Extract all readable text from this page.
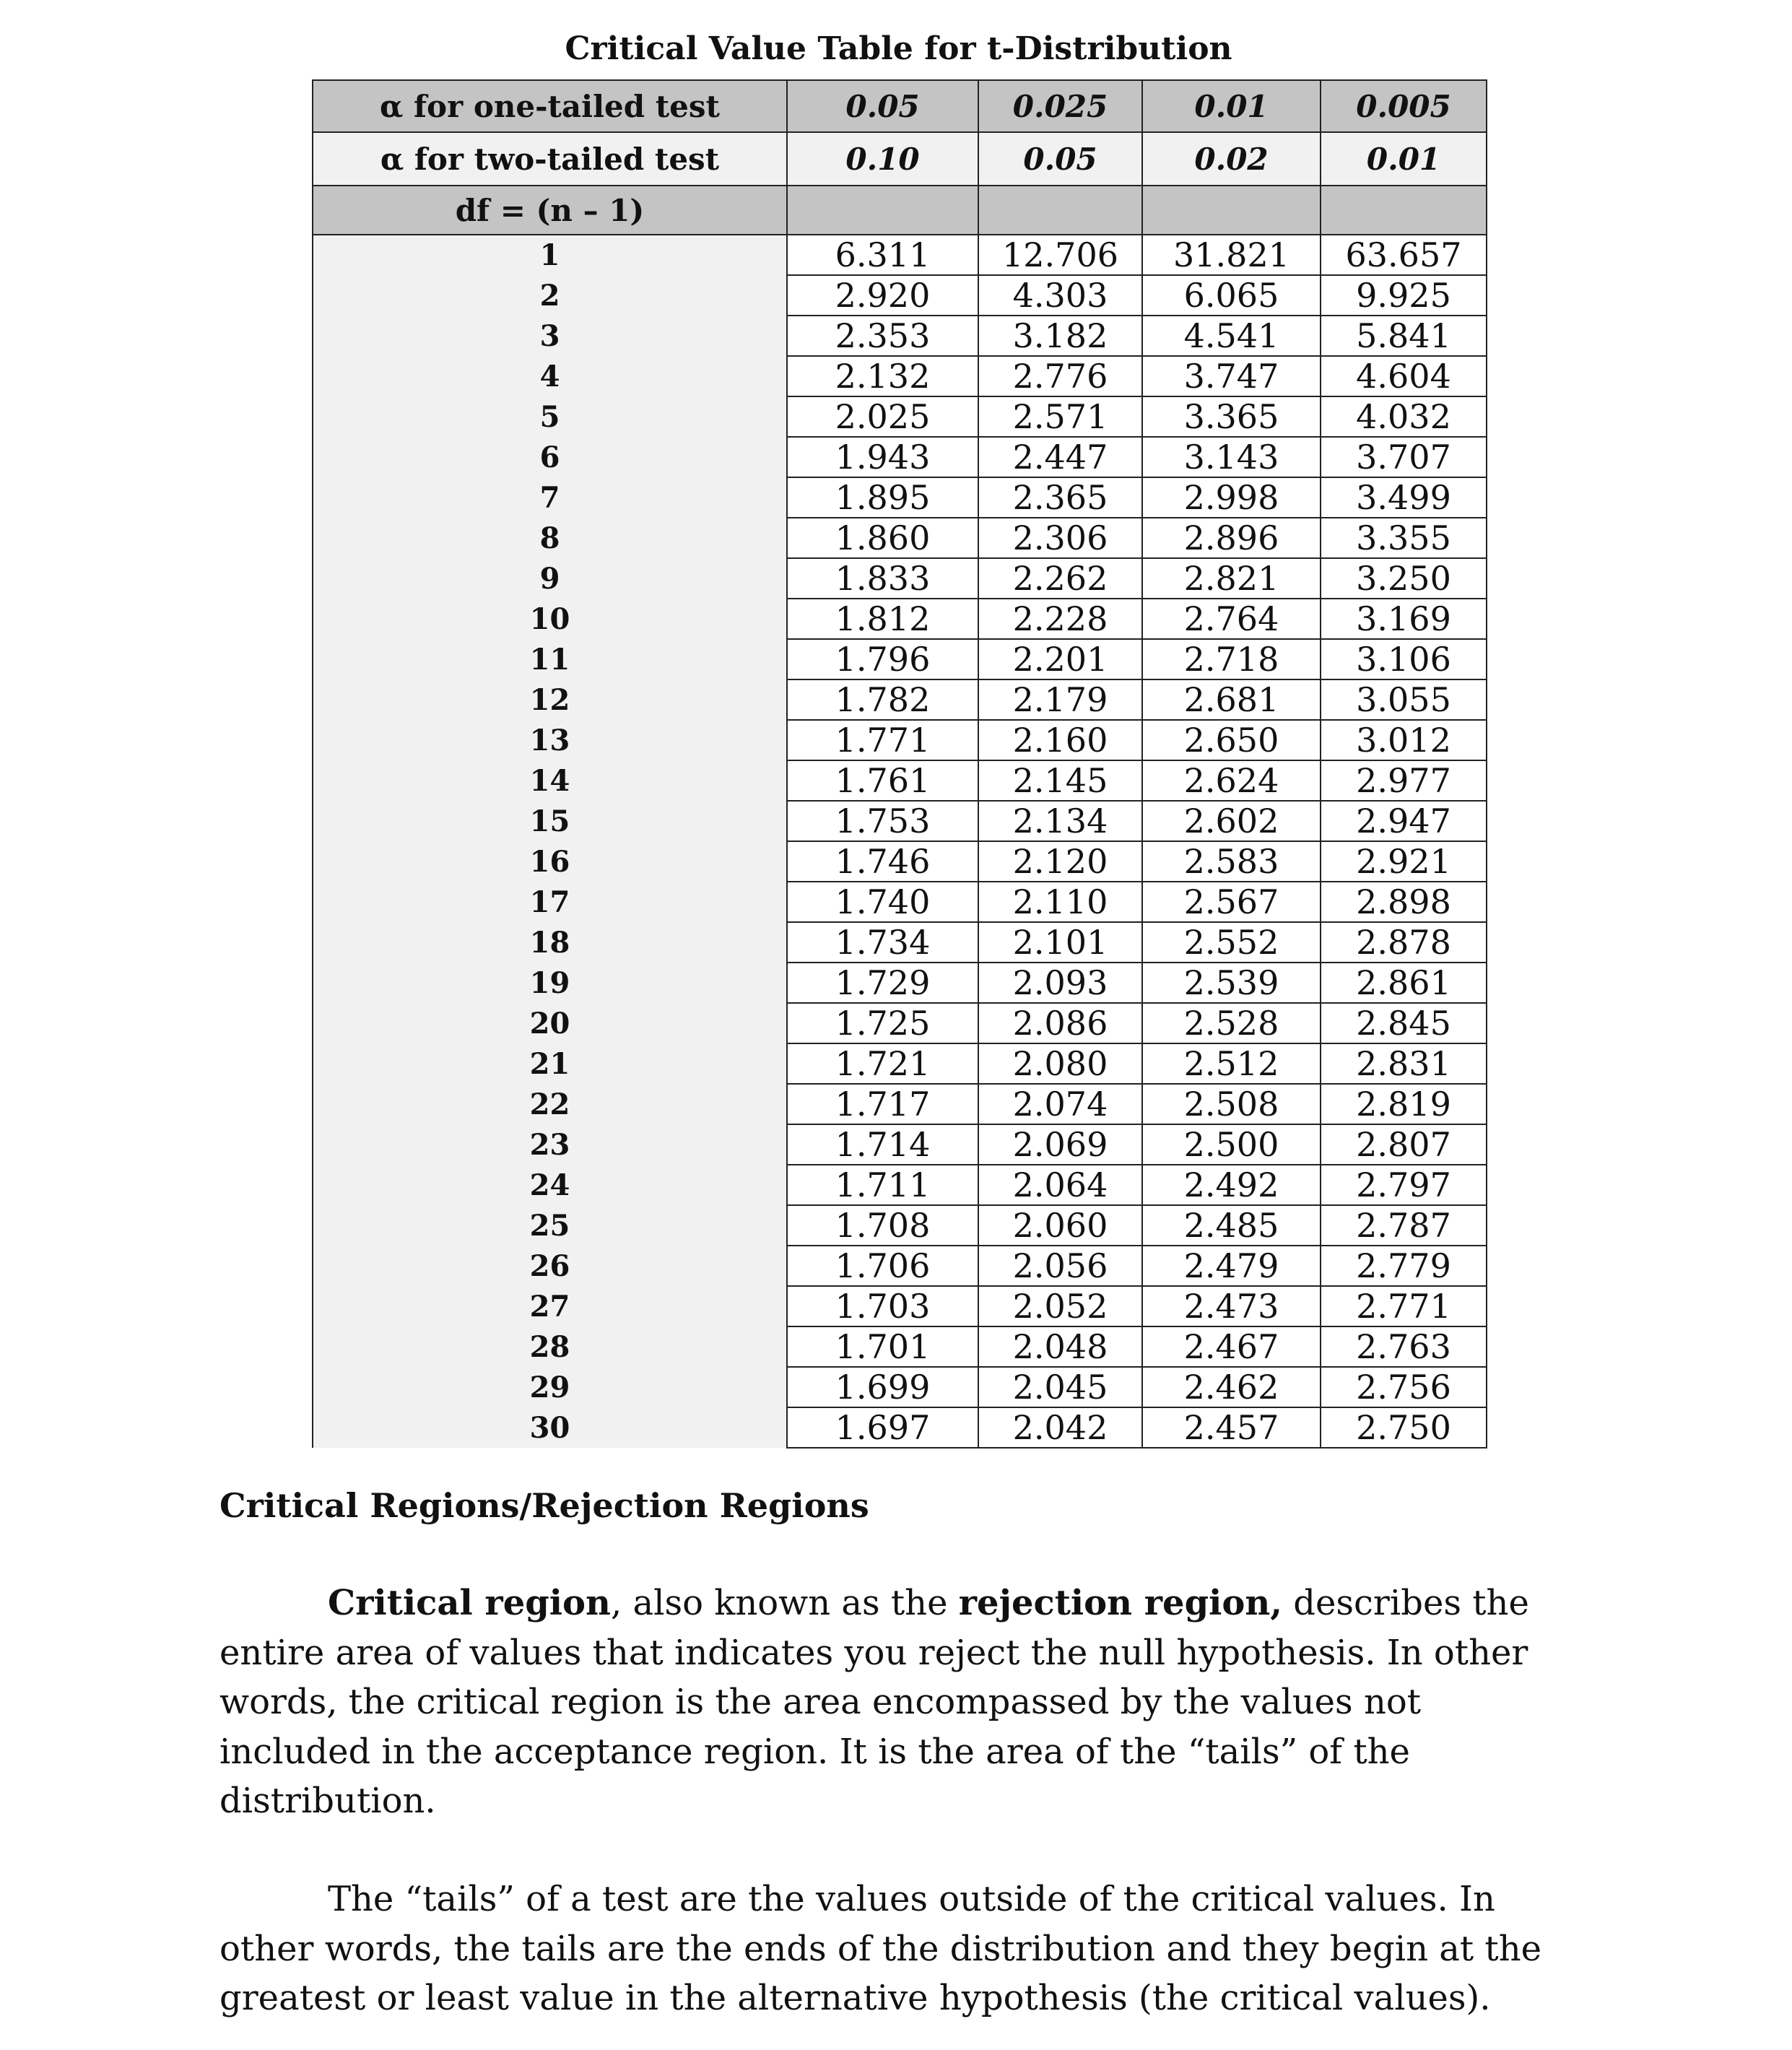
Critical Value Table for t-Distribution
α for one-tailed test	0.05	0.025	0.01	0.005
α for two-tailed test	0.10	0.05	0.02	0.01
df = (n – 1)				
1	6.311	12.706	31.821	63.657
2	2.920	4.303	6.065	9.925
3	2.353	3.182	4.541	5.841
4	2.132	2.776	3.747	4.604
5	2.025	2.571	3.365	4.032
6	1.943	2.447	3.143	3.707
7	1.895	2.365	2.998	3.499
8	1.860	2.306	2.896	3.355
9	1.833	2.262	2.821	3.250
10	1.812	2.228	2.764	3.169
11	1.796	2.201	2.718	3.106
12	1.782	2.179	2.681	3.055
13	1.771	2.160	2.650	3.012
14	1.761	2.145	2.624	2.977
15	1.753	2.134	2.602	2.947
16	1.746	2.120	2.583	2.921
17	1.740	2.110	2.567	2.898
18	1.734	2.101	2.552	2.878
19	1.729	2.093	2.539	2.861
20	1.725	2.086	2.528	2.845
21	1.721	2.080	2.512	2.831
22	1.717	2.074	2.508	2.819
23	1.714	2.069	2.500	2.807
24	1.711	2.064	2.492	2.797
25	1.708	2.060	2.485	2.787
26	1.706	2.056	2.479	2.779
27	1.703	2.052	2.473	2.771
28	1.701	2.048	2.467	2.763
29	1.699	2.045	2.462	2.756
30	1.697	2.042	2.457	2.750
Critical Regions/Rejection Regions
Critical region, also known as the rejection region, describes the entire area of values that indicates you reject the null hypothesis. In other words, the critical region is the area encompassed by the values not included in the acceptance region. It is the area of the “tails” of the distribution.
The “tails” of a test are the values outside of the critical values. In other words, the tails are the ends of the distribution and they begin at the greatest or least value in the alternative hypothesis (the critical values).
